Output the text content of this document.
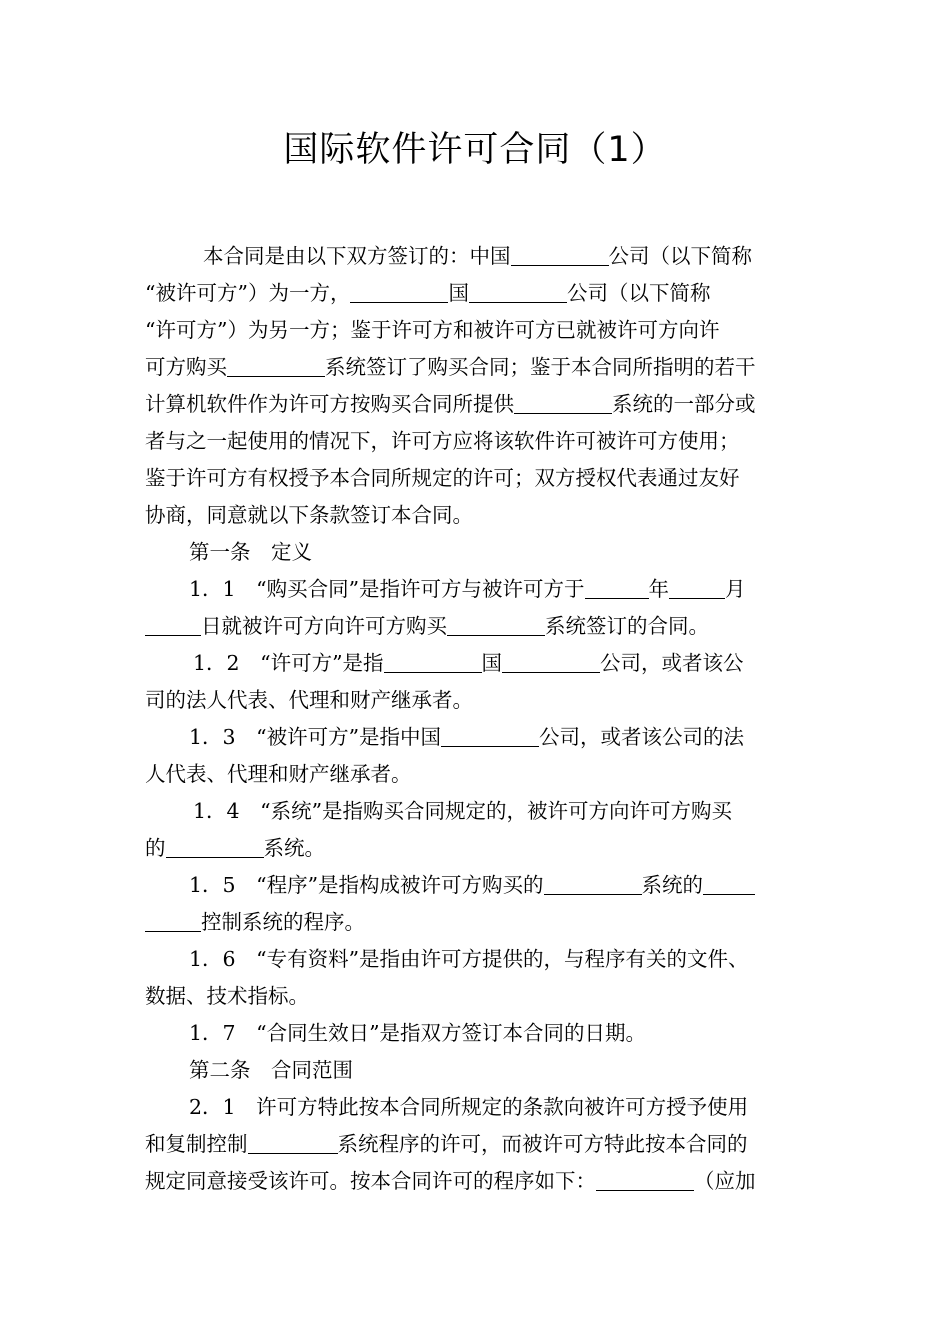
国际软件许可合同（1）
本合同是由以下双方签订的：中国	公司（以下简称
“被许可方”）为一方，	国	公司（以下简称
“许可方”）为另一方；鉴于许可方和被许可方已就被许可方向许
可方购买	系统签订了购买合同；鉴于本合同所指明的若干
计算机软件作为许可方按购买合同所提供	系统的一部分或
者与之一起使用的情况下，许可方应将该软件许可被许可方使用；
鉴于许可方有权授予本合同所规定的许可；双方授权代表通过友好
协商，同意就以下条款签订本合同。
第一条　定义
1．1　“购买合同”是指许可方与被许可方于	年	月
日就被许可方向许可方购买	系统签订的合同。
1．2　“许可方”是指	国	公司，或者该公
司的法人代表、代理和财产继承者。
1．3　“被许可方”是指中国	公司，或者该公司的法
人代表、代理和财产继承者。
1．4　“系统”是指购买合同规定的，被许可方向许可方购买
的	系统。
1．5　“程序”是指构成被许可方购买的	系统的
控制系统的程序。
1．6　“专有资料”是指由许可方提供的，与程序有关的文件、
数据、技术指标。
1．7　“合同生效日”是指双方签订本合同的日期。
第二条　合同范围
2．1　许可方特此按本合同所规定的条款向被许可方授予使用
和复制控制	系统程序的许可，而被许可方特此按本合同的
规定同意接受该许可。按本合同许可的程序如下：	（应加
